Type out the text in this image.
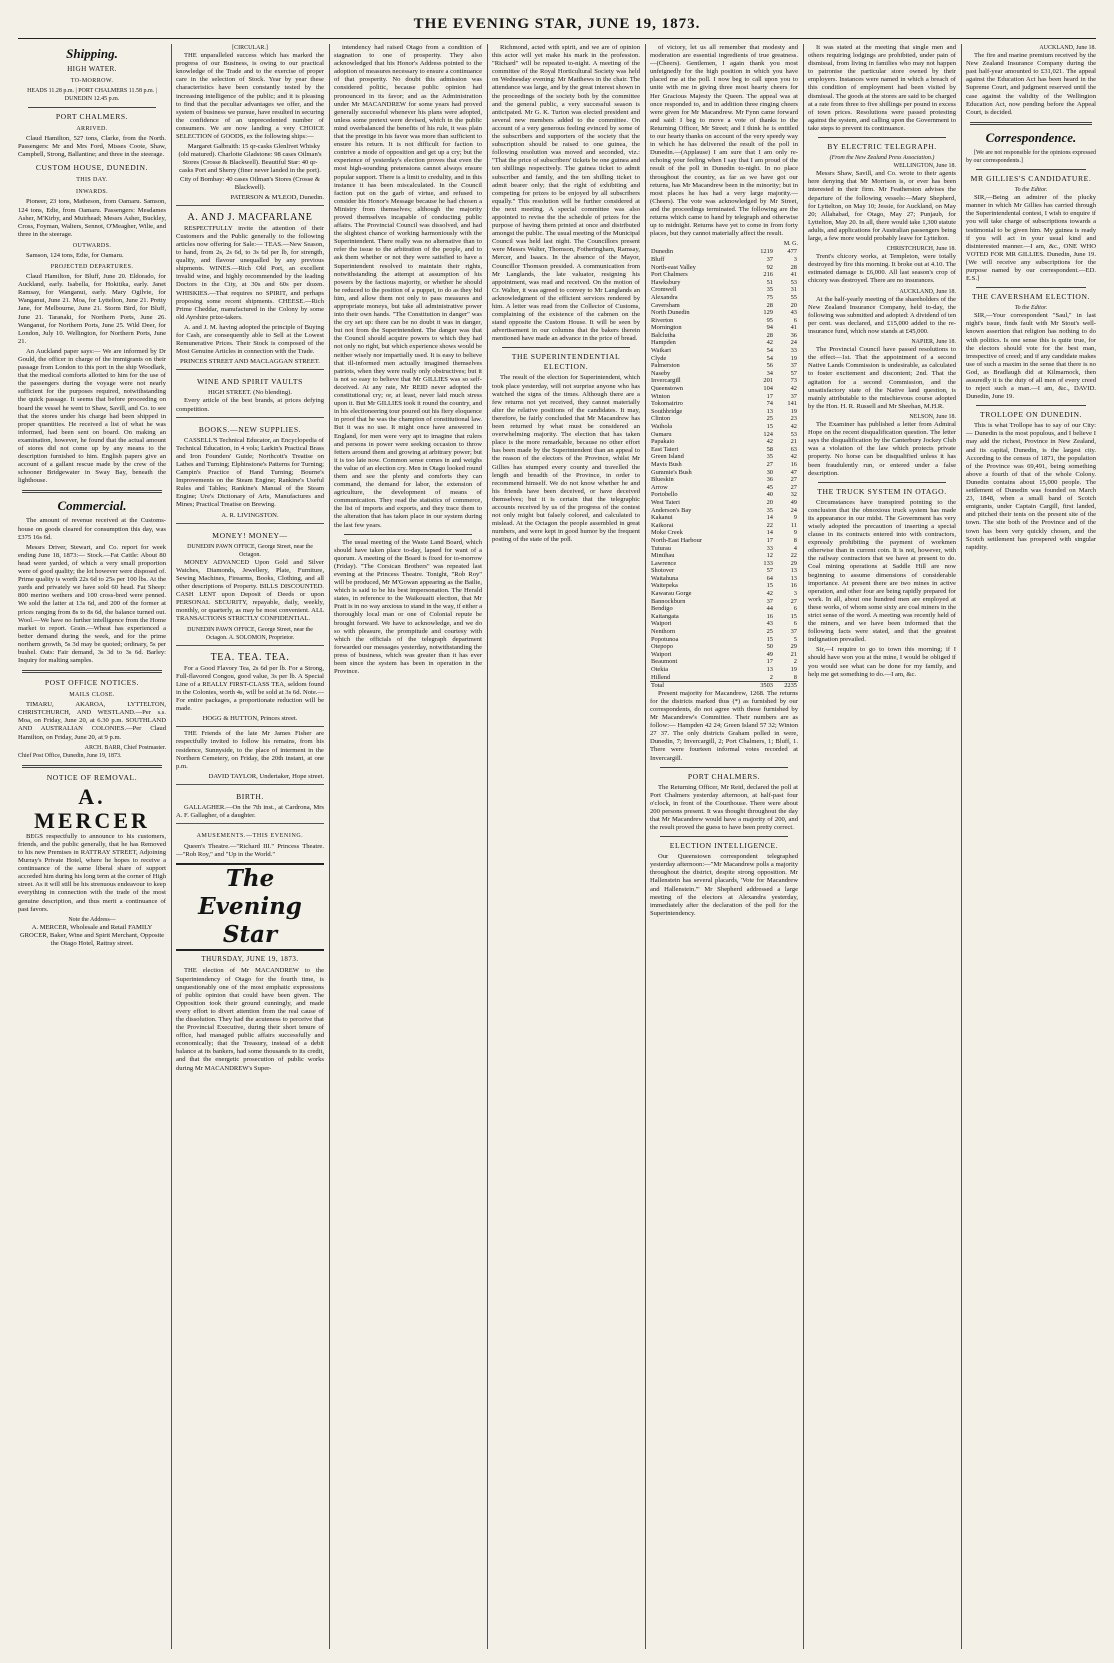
THE EVENING STAR, JUNE 19, 1873.
Shipping.
HIGH WATER.
TO-MORROW.
HEADS 11.28 p.m. | PORT CHALMERS 11.58 p.m. | DUNEDIN 12.45 p.m.
PORT CHALMERS.
ARRIVED.

Claud Hamilton, 527 tons, Clarke, from the North. Passengers: Mr and Mrs Ford, Misses Coote, Shaw, Campbell, Strong, Ballantine; and three in the steerage.

CUSTOM HOUSE, DUNEDIN.
THIS DAY.
INWARDS.

Pioneer, 23 tons, Matheson, from Oamaru. Samson, 124 tons, Edie, from Oamaru. Passengers: Mesdames Asher, M'Kirby, and Muirhead; Messrs Asher, Buckley, Cross, Foyman, Walters, Sennot, O'Meagher, Wilie, and three in the steerage.

OUTWARDS.

Samson, 124 tons, Edie, for Oamaru.

PROJECTED DEPARTURES.

Claud Hamilton, for Bluff, June 20. Eldorado, for Auckland, early. Isabella, for Hokitika, early. Janet Ramsay, for Wanganui, early. Mary Ogilvie, for Wanganui, June 21. Moa, for Lyttelton, June 21. Pretty Jane, for Melbourne, June 21. Storm Bird, for Bluff, June 21. Taranaki, for Northern Ports, June 26. Wanganui, for Northern Ports, June 25. Wild Deer, for London, July 10. Wellington, for Northern Ports, June 21.

An Auckland paper says:— We are informed by Dr Gould, the officer in charge of the immigrants on their passage from London to this port in the ship Woodlark, that the medical comforts allotted to him for the use of the passengers during the voyage were not nearly sufficient for the purposes required, notwithstanding the quick passage. It seems that before proceeding on board the vessel he went to Shaw, Savill, and Co. to see that the stores under his charge had been shipped in proper quantities. He received a list of what he was informed, had been sent on board. On making an examination, however, he found that the actual amount of stores did not come up by any means to the description furnished to him. English papers give an account of a gallant rescue made by the crew of the schooner Bridgewater in Sway Bay, beneath the lighthouse.

Commercial.

The amount of revenue received at the Customs-house on goods cleared for consumption this day, was £375 16s 6d.

Messrs Driver, Stewart, and Co. report for week ending June 18, 1873:— Stock.—Fat Cattle: About 80 head were yarded, of which a very small proportion were of good quality; the lot however were disposed of. Prime quality is worth 22s 6d to 25s per 100 lbs. At the yards and privately we have sold 60 head. Fat Sheep: 800 merino wethers and 100 cross-bred were penned. We sold the latter at 13s 6d, and 200 of the former at prices ranging from 8s to 8s 6d, the balance turned out. Wool.—We have no further intelligence from the Home market to report. Grain.—Wheat has experienced a better demand during the week, and for the prime northern growth, 5s 3d may be quoted; ordinary, 5s per bushel. Oats: Fair demand, 3s 3d to 3s 6d. Barley: Inquiry for malting samples.

POST OFFICE NOTICES.
MAILS CLOSE.

TIMARU, AKAROA, LYTTELTON, CHRISTCHURCH, AND WESTLAND.—Per s.s. Moa, on Friday, June 20, at 6.30 p.m. SOUTHLAND AND AUSTRALIAN COLONIES.—Per Claud Hamilton, on Friday, June 20, at 9 p.m.

ARCH. BARR, Chief Postmaster.
Chief Post Office, Dunedin, June 19, 1873.
NOTICE OF REMOVAL.
A. MERCER

BEGS respectfully to announce to his customers, friends, and the public generally, that he has Removed to his new Premises in RATTRAY STREET, Adjoining Murray's Private Hotel, where he hopes to receive a continuance of the same liberal share of support accorded him during his long term at the corner of High street. As it will still be his strenuous endeavour to keep everything in connection with the trade of the most genuine description, and thus merit a continuance of past favors.

Note the Address—
A. MERCER, Wholesale and Retail FAMILY GROCER, Baker, Wine and Spirit Merchant, Opposite the Otago Hotel, Rattray street.
[CIRCULAR.]

THE unparalleled success which has marked the progress of our Business, is owing to our practical knowledge of the Trade and to the exercise of proper care in the selection of Stock. Year by year these characteristics have been constantly tested by the increasing intelligence of the public; and it is pleasing to find that the peculiar advantages we offer, and the system of business we pursue, have resulted in securing the confidence of an unprecedented number of consumers. We are now landing a very CHOICE SELECTION of GOODS, ex the following ships:—

Margaret Galbraith: 15 qr-casks Glenlivet Whisky (old matured). Charlotte Gladstone: 98 cases Oilman's Stores (Crosse & Blackwell). Beautiful Star: 40 qr-casks Port and Sherry (finer never landed in the port). City of Bombay: 40 cases Oilman's Stores (Crosse & Blackwell).

PATERSON & M'LEOD, Dunedin.
A. AND J. MACFARLANE

RESPECTFULLY invite the attention of their Customers and the Public generally to the following articles now offering for Sale:— TEAS.—New Season, to hand, from 2s, 2s 6d, to 3s 6d per lb, for strength, quality, and flavour unequalled by any previous shipments. WINES.—Rich Old Port, an excellent invalid wine, and highly recommended by the leading Doctors in the City, at 30s and 60s per dozen. WHISKIES.—That requires no SPIRIT, and perhaps proposing some recent shipments. CHEESE.—Rich Prime Cheddar, manufactured in the Colony by some old Ayrshire prize-takers.

A. and J. M. having adopted the principle of Buying for Cash, are consequently able to Sell at the Lowest Remunerative Prices. Their Stock is composed of the Most Genuine Articles in connection with the Trade.

PRINCES STREET AND MACLAGGAN STREET.
WINE AND SPIRIT VAULTS
HIGH STREET. (No blending).

Every article of the best brands, at prices defying competition.

BOOKS.—NEW SUPPLIES.

CASSELL'S Technical Educator, an Encyclopedia of Technical Education, in 4 vols; Larkin's Practical Brass and Iron Founders' Guide; Northcott's Treatise on Lathes and Turning; Elphinstone's Patterns for Turning; Campin's Practice of Hand Turning; Bourne's Improvements on the Steam Engine; Rankine's Useful Rules and Tables; Rankine's Manual of the Steam Engine; Ure's Dictionary of Arts, Manufactures and Mines; Practical Treatise on Brewing.

A. R. LIVINGSTON.
MONEY! MONEY—
DUNEDIN PAWN OFFICE, George Street, near the Octagon.

MONEY ADVANCED Upon Gold and Silver Watches, Diamonds, Jewellery, Plate, Furniture, Sewing Machines, Firearms, Books, Clothing, and all other descriptions of Property. BILLS DISCOUNTED. CASH LENT upon Deposit of Deeds or upon PERSONAL SECURITY, repayable, daily, weekly, monthly, or quarterly, as may be most convenient. ALL TRANSACTIONS STRICTLY CONFIDENTIAL.

DUNEDIN PAWN OFFICE, George Street, near the Octagon. A. SOLOMON, Proprietor.
TEA. TEA. TEA.

For a Good Flavory Tea, 2s 6d per lb. For a Strong, Full-flavored Congou, good value, 3s per lb. A Special Line of a REALLY FIRST-CLASS TEA, seldom found in the Colonies, worth 4s, will be sold at 3s 6d. Note.—For entire packages, a proportionate reduction will be made.

HOGG & HUTTON, Princes street.

THE Friends of the late Mr James Fisher are respectfully invited to follow his remains, from his residence, Sunnyside, to the place of interment in the Northern Cemetery, on Friday, the 20th instant, at one p.m.

DAVID TAYLOR, Undertaker, Hope street.
BIRTH.

GALLAGHER.—On the 7th inst., at Cardrona, Mrs A. F. Gallagher, of a daughter.

AMUSEMENTS.—THIS EVENING.

Queen's Theatre.—"Richard III." Princess Theatre.—"Rob Roy," and "Up in the World."

The Evening Star
THURSDAY, JUNE 19, 1873.

THE election of Mr MACANDREW to the Superintendency of Otago for the fourth time, is unquestionably one of the most emphatic expressions of public opinion that could have been given. The Opposition took their ground cunningly, and made every effort to divert attention from the real cause of the dissolution. They had the acuteness to perceive that the Provincial Executive, during their short tenure of office, had managed public affairs successfully and economically; that the Treasury, instead of a debit balance at its bankers, had some thousands to its credit, and that the energetic prosecution of public works during Mr MACANDREW's Super-

intendency had raised Otago from a condition of stagnation to one of prosperity. They also acknowledged that his Honor's Address pointed to the adoption of measures necessary to ensure a continuance of that prosperity. No doubt this admission was considered politic, because public opinion had pronounced in its favor; and as the Administration under Mr MACANDREW for some years had proved generally successful whenever his plans were adopted, unless some pretext were devised, which in the public mind overbalanced the benefits of his rule, it was plain that the prestige in his favor was more than sufficient to ensure his return. It is not difficult for faction to contrive a mode of opposition and get up a cry; but the experience of yesterday's election proves that even the most high-sounding pretensions cannot always ensure popular support. There is a limit to credulity, and in this instance it has been miscalculated. In the Council faction put on the garb of virtue, and refused to consider his Honor's Message because he had chosen a Ministry from themselves; although the majority proved themselves incapable of conducting public affairs. The Provincial Council was dissolved, and had the slightest chance of working harmoniously with the Superintendent. There really was no alternative than to refer the issue to the arbitration of the people, and to ask them whether or not they were satisfied to have a Superintendent resolved to maintain their rights, notwithstanding the attempt at assumption of his powers by the factious majority, or whether he should be reduced to the position of a puppet, to do as they bid him, and allow them not only to pass measures and appropriate moneys, but take all administrative power into their own hands. "The Constitution in danger" was the cry set up: there can be no doubt it was in danger, but not from the Superintendent. The danger was that the Council should acquire powers to which they had not only no right, but which experience shows would be neither wisely nor impartially used. It is easy to believe that ill-informed men actually imagined themselves patriots, when they were really only obstructives; but it is not so easy to believe that Mr GILLIES was so self-deceived. At any rate, Mr REID never adopted the constitutional cry; or, at least, never laid much stress upon it. But Mr GILLIES took it round the country, and in his electioneering tour poured out his fiery eloquence in proof that he was the champion of constitutional law. But it was no use. It might once have answered in England, for men were very apt to imagine that rulers and persons in power were seeking occasion to throw fetters around them and growing at arbitrary power; but it is too late now. Common sense comes in and weighs the value of an election cry. Men in Otago looked round them and see the plenty and comforts they can command, the demand for labor, the extension of agriculture, the development of means of communication. They read the statistics of commerce, the list of imports and exports, and they trace them to the alteration that has taken place in our system during the last few years.

The usual meeting of the Waste Land Board, which should have taken place to-day, lapsed for want of a quorum. A meeting of the Board is fixed for to-morrow (Friday). "The Corsican Brothers" was repeated last evening at the Princess Theatre. Tonight, "Rob Roy" will be produced, Mr M'Gowan appearing as the Bailie, which is said to be his best impersonation. The Herald states, in reference to the Waikouaiti election, that Mr Pratt is in no way anxious to stand in the way, if either a thoroughly local man or one of Colonial repute be brought forward. We have to acknowledge, and we do so with pleasure, the prompitude and courtesy with which the officials of the telegraph department forwarded our messages yesterday, notwithstanding the press of business, which was greater than it has ever been since the system has been in operation in the Province.

Richmond, acted with spirit, and we are of opinion this actor will yet make his mark in the profession. "Richard" will be repeated to-night. A meeting of the committee of the Royal Horticultural Society was held on Wednesday evening: Mr Matthews in the chair. The attendance was large, and by the great interest shown in the proceedings of the society both by the committee and the general public, a very successful season is anticipated. Mr G. K. Turton was elected president and several new members added to the committee. On account of a very generous feeling evinced by some of the subscribers and supporters of the society that the subscription should be raised to one guinea, the following resolution was moved and seconded, viz.: "That the price of subscribers' tickets be one guinea and ten shillings respectively. The guinea ticket to admit subscriber and family, and the ten shilling ticket to admit bearer only; that the right of exhibiting and competing for prizes to be enjoyed by all subscribers equally." This resolution will be further considered at the next meeting. A special committee was also appointed to revise the the schedule of prizes for the purpose of having them printed at once and distributed amongst the public. The usual meeting of the Municipal Council was held last night. The Councillors present were Messrs Walter, Thomson, Fotheringham, Ramsay, Mercer, and Isaacs. In the absence of the Mayor, Councillor Thomson presided. A communication from Mr Langlands, the late valuator, resigning his appointment, was read and received. On the motion of Cr. Walter, it was agreed to convey to Mr Langlands an acknowledgment of the efficient services rendered by him. A letter was read from the Collector of Customs, complaining of the existence of the cabmen on the stand opposite the Custom House. It will be seen by advertisement in our columns that the bakers therein mentioned have made an advance in the price of bread.

THE SUPERINTENDENTIAL ELECTION.

The result of the election for Superintendent, which took place yesterday, will not surprise anyone who has watched the signs of the times. Although there are a few returns not yet received, they cannot materially alter the relative positions of the candidates. It may, therefore, be fairly concluded that Mr Macandrew has been returned by what must be considered an overwhelming majority. The election that has taken place is the more remarkable, because no other effort has been made by the Superintendent than an appeal to the reason of the electors of the Province, whilst Mr Gillies has stumped every county and travelled the length and breadth of the Province, in order to recommend himself. We do not know whether he and his friends have been deceived, or have deceived themselves; but it is certain that the telegraphic accounts received by us of the progress of the contest not only might but falsely colored, and calculated to mislead. At the Octagon the people assembled in great numbers, and were kept in good humor by the frequent posting of the state of the poll.

of victory, let us all remember that modesty and moderation are essential ingredients of true greatness.—(Cheers). Gentlemen, I again thank you most unfeignedly for the high position in which you have placed me at the poll. I now beg to call upon you to unite with me in giving three most hearty cheers for Her Gracious Majesty the Queen. The appeal was at once responded to, and in addition three ringing cheers were given for Mr Macandrew. Mr Fynn came forward and said: I beg to move a vote of thanks to the Returning Officer, Mr Street; and I think he is entitled to our hearty thanks on account of the very speedy way in which he has delivered the result of the poll in Dunedin.—(Applause) I am sure that I am only re-echoing your feeling when I say that I am proud of the result of the poll in Dunedin to-night. In no place throughout the country, as far as we have got our returns, has Mr Macandrew been in the minority; but in most places he has had a very large majority.—(Cheers). The vote was acknowledged by Mr Street, and the proceedings terminated. The following are the returns which came to hand by telegraph and otherwise up to midnight. Returns have yet to come in from forty places, but they cannot materially affect the result.

M. G.
Dunedin	1219	477
Bluff	37	3
North-east Valley	92	28
Port Chalmers	216	41
Hawksbury	51	53
Cromwell	35	31
Alexandra	75	55
Caversham	28	20
North Dunedin	129	43
Riverton	95	6
Mornington	94	41
Balclutha	28	36
Hampden	42	24
Waikari	54	33
Clyde	54	19
Palmerston	56	37
Naseby	34	57
Invercargill	201	73
Queenstown	104	42
Winton	17	37
Tokomairiro	74	141
Southbridge	13	19
Clinton	25	23
Waihola	15	42
Oamaru	124	53
Papakaio	42	21
East Taieri	58	63
Green Island	35	42
Mavis Bush	27	16
Gummie's Bush	30	47
Blueskin	36	27
Arrow	45	27
Portobello	40	32
West Taieri	20	49
Anderson's Bay	35	24
Kakanui	14	9
Kaikorai	22	11
Moke Creek	14	9
North-East Harbour	17	8
Tuturau	33	4
Mimihau	12	22
Lawrence	133	29
Shotover	57	13
Waitahuna	64	13
Waitepeka	15	16
Kawarau Gorge	42	3
Bannockburn	37	27
Bendigo	44	6
Kaitangata	16	15
Waipori	43	6
Nenthorn	25	37
Popotunoa	15	5
Otepopo	50	29
Waipori	49	21
Beaumont	17	2
Otekia	13	19
Hillend	2	8
Total	3503	2235

Present majority for Macandrew, 1268. The returns for the districts marked thus (*) as furnished by our correspondents, do not agree with those furnished by Mr Macandrew's Committee. Their numbers are as follow:— Hampden 42 24; Green Island 57 32; Winton 27 37. The only districts Graham polled in were, Dunedin, 7; Invercargill, 2; Port Chalmers, 1; Bluff, 1. There were fourteen informal votes recorded at Invercargill.

PORT CHALMERS.

The Returning Officer, Mr Reid, declared the poll at Port Chalmers yesterday afternoon, at half-past four o'clock, in front of the Courthouse. There were about 200 persons present. It was thought throughout the day that Mr Macandrew would have a majority of 200, and the result proved the guess to have been pretty correct.

ELECTION INTELLIGENCE.

Our Queenstown correspondent telegraphed yesterday afternoon:—"Mr Macandrew polls a majority throughout the district, despite strong opposition. Mr Hallenstein has several placards, 'Vote for Macandrew and Hallenstein.'" Mr Shepherd addressed a large meeting of the electors at Alexandra yesterday, immediately after the declaration of the poll for the Superintendency.

It was stated at the meeting that single men and others requiring lodgings are prohibited, under pain of dismissal, from living in families who may not happen to patronise the particular store owned by their employers. Instances were named in which a breach of this condition of employment had been visited by dismissal. The goods at the stores are said to be charged at a rate from three to five shillings per pound in excess of town prices. Resolutions were passed protesting against the system, and calling upon the Government to take steps to prevent its continuance.

BY ELECTRIC TELEGRAPH.
(From the New Zealand Press Association.)
WELLINGTON, June 18.

Messrs Shaw, Savill, and Co. wrote to their agents here denying that Mr Morrison is, or ever has been interested in their firm. Mr Featherston advises the departure of the following vessels:—Mary Shepherd, for Lyttelton, on May 10; Jessie, for Auckland, on May 20; Allahabad, for Otago, May 27; Punjaub, for Lyttelton, May 20. In all, there would take 1,300 statute adults, and applications for Australian passengers being large, a few more would probably leave for Lyttelton.

CHRISTCHURCH, June 18.

Trent's chicory works, at Templeton, were totally destroyed by fire this morning. It broke out at 4.10. The estimated damage is £6,000. All last season's crop of chicory was destroyed. There are no insurances.

AUCKLAND, June 18.

At the half-yearly meeting of the shareholders of the New Zealand Insurance Company, held to-day, the following was submitted and adopted: A dividend of ten per cent. was declared, and £15,000 added to the re-insurance fund, which now stands at £45,000.

NAPIER, June 18.

The Provincial Council have passed resolutions to the effect—1st. That the appointment of a second Native Lands Commission is undesirable, as calculated to foster excitement and discontent; 2nd. That the agitation for a second Commission, and the unsatisfactory state of the Native land question, is mainly attributable to the mischievous course adopted by the Hon. H. R. Russell and Mr Sheehan, M.H.R.

NELSON, June 18.

The Examiner has published a letter from Admiral Hope on the recent disqualification question. The letter says the disqualification by the Canterbury Jockey Club was a violation of the law which protects private property. No horse can be disqualified unless it has been fraudulently run, or entered under a false description.

THE TRUCK SYSTEM IN OTAGO.

Circumstances have transpired pointing to the conclusion that the obnoxious truck system has made its appearance in our midst. The Government has very wisely adopted the precaution of inserting a special clause in its contracts entered into with contractors, expressly prohibiting the payment of workmen otherwise than in current coin. It is not, however, with the railway contractors that we have at present to do. Coal mining operations at Saddle Hill are now beginning to assume dimensions of considerable importance. At present there are two mines in active operation, and other four are being rapidly prepared for work. In all, about one hundred men are employed at these works, of whom some sixty are coal miners in the strict sense of the word. A meeting was recently held of the miners, and we have been informed that the following facts were stated, and that the greatest indignation prevailed.

Sir,—I require to go to town this morning; if I should have won you at the mine, I would be obliged if you would see what can be done for my family, and help me get something to do.—I am, &c.

AUCKLAND, June 18.

The fire and marine premium received by the New Zealand Insurance Company during the past half-year amounted to £31,021. The appeal against the Education Act has been heard in the Supreme Court, and judgment reserved until the case against the validity of the Wellington Education Act, now pending before the Appeal Court, is decided.

Correspondence.

[We are not responsible for the opinions expressed by our correspondents.]

MR GILLIES'S CANDIDATURE.
To the Editor.

SIR,—Being an admirer of the plucky manner in which Mr Gillies has carried through the Superintendental contest, I wish to enquire if you will take charge of subscriptions towards a testimonial to be given him. My guinea is ready if you will act in your usual kind and disinterested manner.—I am, &c., ONE WHO VOTED FOR MR GILLIES. Dunedin, June 19. [We will receive any subscriptions for the purpose named by our correspondent.—ED. E.S.]

THE CAVERSHAM ELECTION.
To the Editor.

SIR,—Your correspondent "Saul," in last night's issue, finds fault with Mr Stout's well-known assertion that religion has nothing to do with politics. Is one sense this is quite true, for the electors should vote for the best man, irrespective of creed; and if any candidate makes use of such a maxim in the sense that there is no God, as Bradlaugh did at Kilmarnock, then assuredly it is the duty of all men of every creed to reject such a man.—I am, &c., DAVID. Dunedin, June 19.

TROLLOPE ON DUNEDIN.

This is what Trollope has to say of our City:— Dunedin is the most populous, and I believe I may add the richest, Province in New Zealand, and its capital, Dunedin, is the largest city. According to the census of 1871, the population of the Province was 69,491, being something above a fourth of that of the whole Colony. Dunedin contains about 15,000 people. The settlement of Dunedin was founded on March 23, 1848, when a small band of Scotch emigrants, under Captain Cargill, first landed, and pitched their tents on the present site of the town. The site both of the Province and of the town has been very quickly chosen, and the Scotch settlement has prospered with singular rapidity.
